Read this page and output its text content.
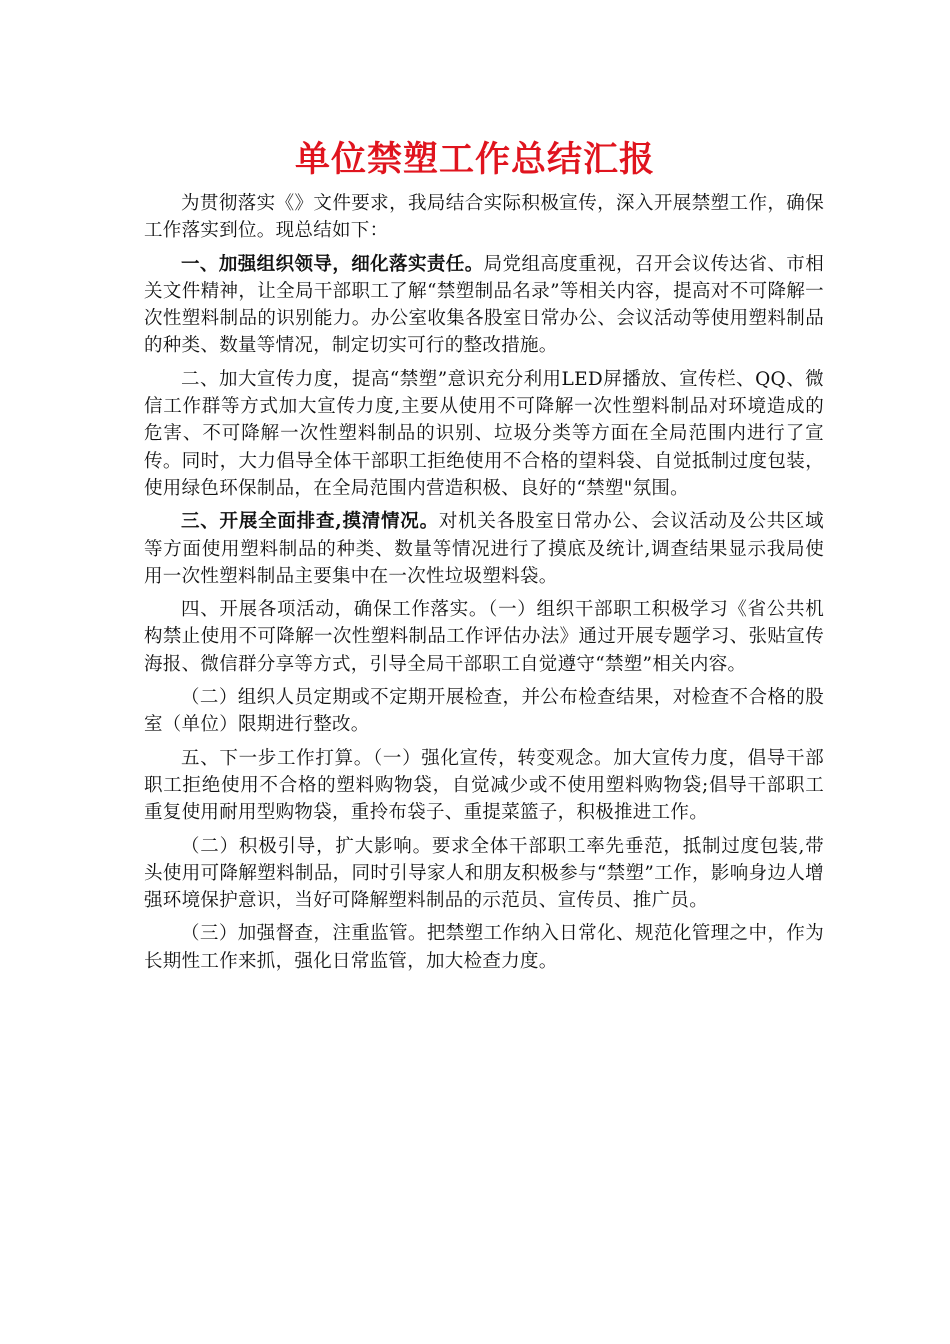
单位禁塑工作总结汇报

为贯彻落实《》文件要求，我局结合实际积极宣传，深入开展禁塑工作，确保工作落实到位。现总结如下：

一、加强组织领导，细化落实责任。局党组高度重视，召开会议传达省、市相关文件精神，让全局干部职工了解“禁塑制品名录”等相关内容，提高对不可降解一次性塑料制品的识别能力。办公室收集各股室日常办公、会议活动等使用塑料制品的种类、数量等情况，制定切实可行的整改措施。

二、加大宣传力度，提高“禁塑”意识充分利用LED屏播放、宣传栏、QQ、微信工作群等方式加大宣传力度,主要从使用不可降解一次性塑料制品对环境造成的危害、不可降解一次性塑料制品的识别、垃圾分类等方面在全局范围内进行了宣传。同时，大力倡导全体干部职工拒绝使用不合格的望料袋、自觉抵制过度包装，使用绿色环保制品，在全局范围内营造积极、良好的“禁塑"氛围。

三、开展全面排查,摸清情况。对机关各股室日常办公、会议活动及公共区域等方面使用塑料制品的种类、数量等情况进行了摸底及统计,调查结果显示我局使用一次性塑料制品主要集中在一次性垃圾塑料袋。

四、开展各项活动，确保工作落实。（一）组织干部职工积极学习《省公共机构禁止使用不可降解一次性塑料制品工作评估办法》通过开展专题学习、张贴宣传海报、微信群分享等方式，引导全局干部职工自觉遵守“禁塑”相关内容。

（二）组织人员定期或不定期开展检查，并公布检查结果，对检查不合格的股室（单位）限期进行整改。

五、下一步工作打算。（一）强化宣传，转变观念。加大宣传力度，倡导干部职工拒绝使用不合格的塑料购物袋，自觉减少或不使用塑料购物袋;倡导干部职工重复使用耐用型购物袋，重拎布袋子、重提菜篮子，积极推进工作。

（二）积极引导，扩大影响。要求全体干部职工率先垂范，抵制过度包装,带头使用可降解塑料制品，同时引导家人和朋友积极参与“禁塑”工作，影响身边人增强环境保护意识，当好可降解塑料制品的示范员、宣传员、推广员。

（三）加强督查，注重监管。把禁塑工作纳入日常化、规范化管理之中，作为长期性工作来抓，强化日常监管，加大检查力度。
